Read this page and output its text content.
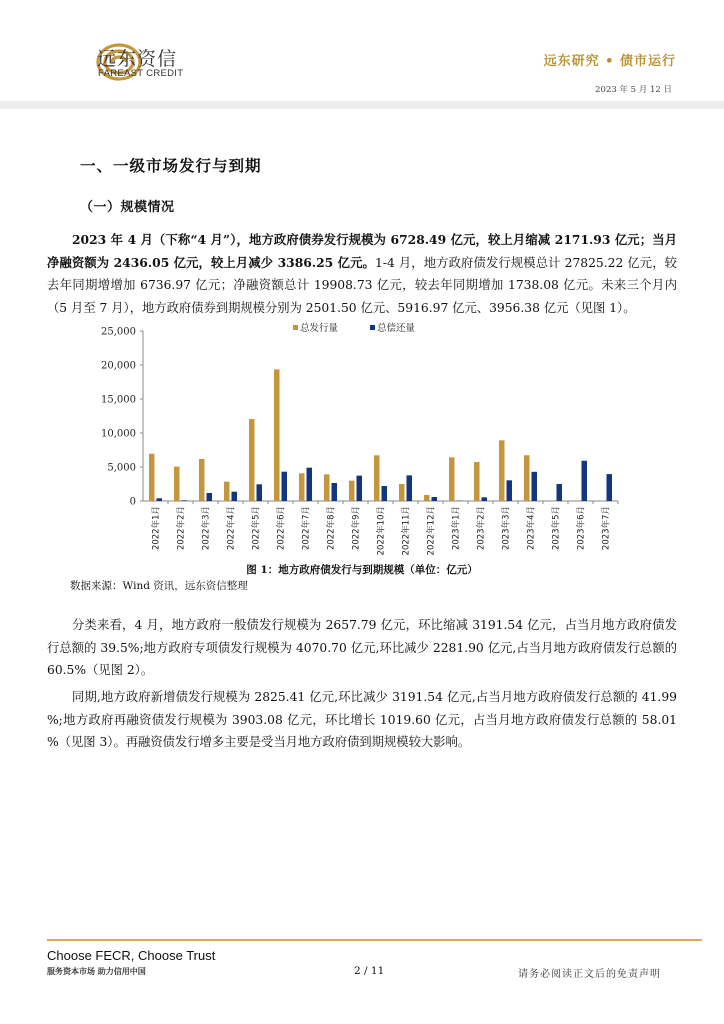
远东资信
FAREAST CREDIT
远东研究 • 债市运行
2023 年 5 月 12 日
一、一级市场发行与到期
（一）规模情况
2023 年 4 月（下称“4 月”），地方政府债券发行规模为 6728.49 亿元，较上月缩减 2171.93 亿元；当月净融资额为 2436.05 亿元，较上月减少 3386.25 亿元。1-4 月，地方政府债发行规模总计 27825.22 亿元，较去年同期增增加 6736.97 亿元；净融资额总计 19908.73 亿元，较去年同期增加 1738.08 亿元。未来三个月内（5 月至 7 月），地方政府债券到期规模分别为 2501.50 亿元、5916.97 亿元、3956.38 亿元（见图 1）。
0
5,000
10,000
15,000
20,000
25,000
2022年1月 2022年2月 2022年3月 2022年4月 2022年5月 2022年6月 2022年7月 2022年8月 2022年9月 2022年10月 2022年11月 2022年12月 2023年1月 2023年2月 2023年3月 2023年4月 2023年5月 2023年6月 2023年7月
总发行量	总偿还量
图 1：地方政府债发行与到期规模（单位：亿元）
数据来源：Wind 资讯，远东资信整理
分类来看，4 月，地方政府一般债发行规模为 2657.79 亿元，环比缩减 3191.54 亿元，占当月地方政府债发行总额的 39.5%;地方政府专项债发行规模为 4070.70 亿元,环比减少 2281.90 亿元,占当月地方政府债发行总额的 60.5%（见图 2）。
同期,地方政府新增债发行规模为 2825.41 亿元,环比减少 3191.54 亿元,占当月地方政府债发行总额的 41.99 %;地方政府再融资债发行规模为 3903.08 亿元，环比增长 1019.60 亿元，占当月地方政府债发行总额的 58.01 %（见图 3）。再融资债发行增多主要是受当月地方政府债到期规模较大影响。
Choose FECR, Choose Trust
服务资本市场 助力信用中国	2 / 11	请务必阅读正文后的免责声明
